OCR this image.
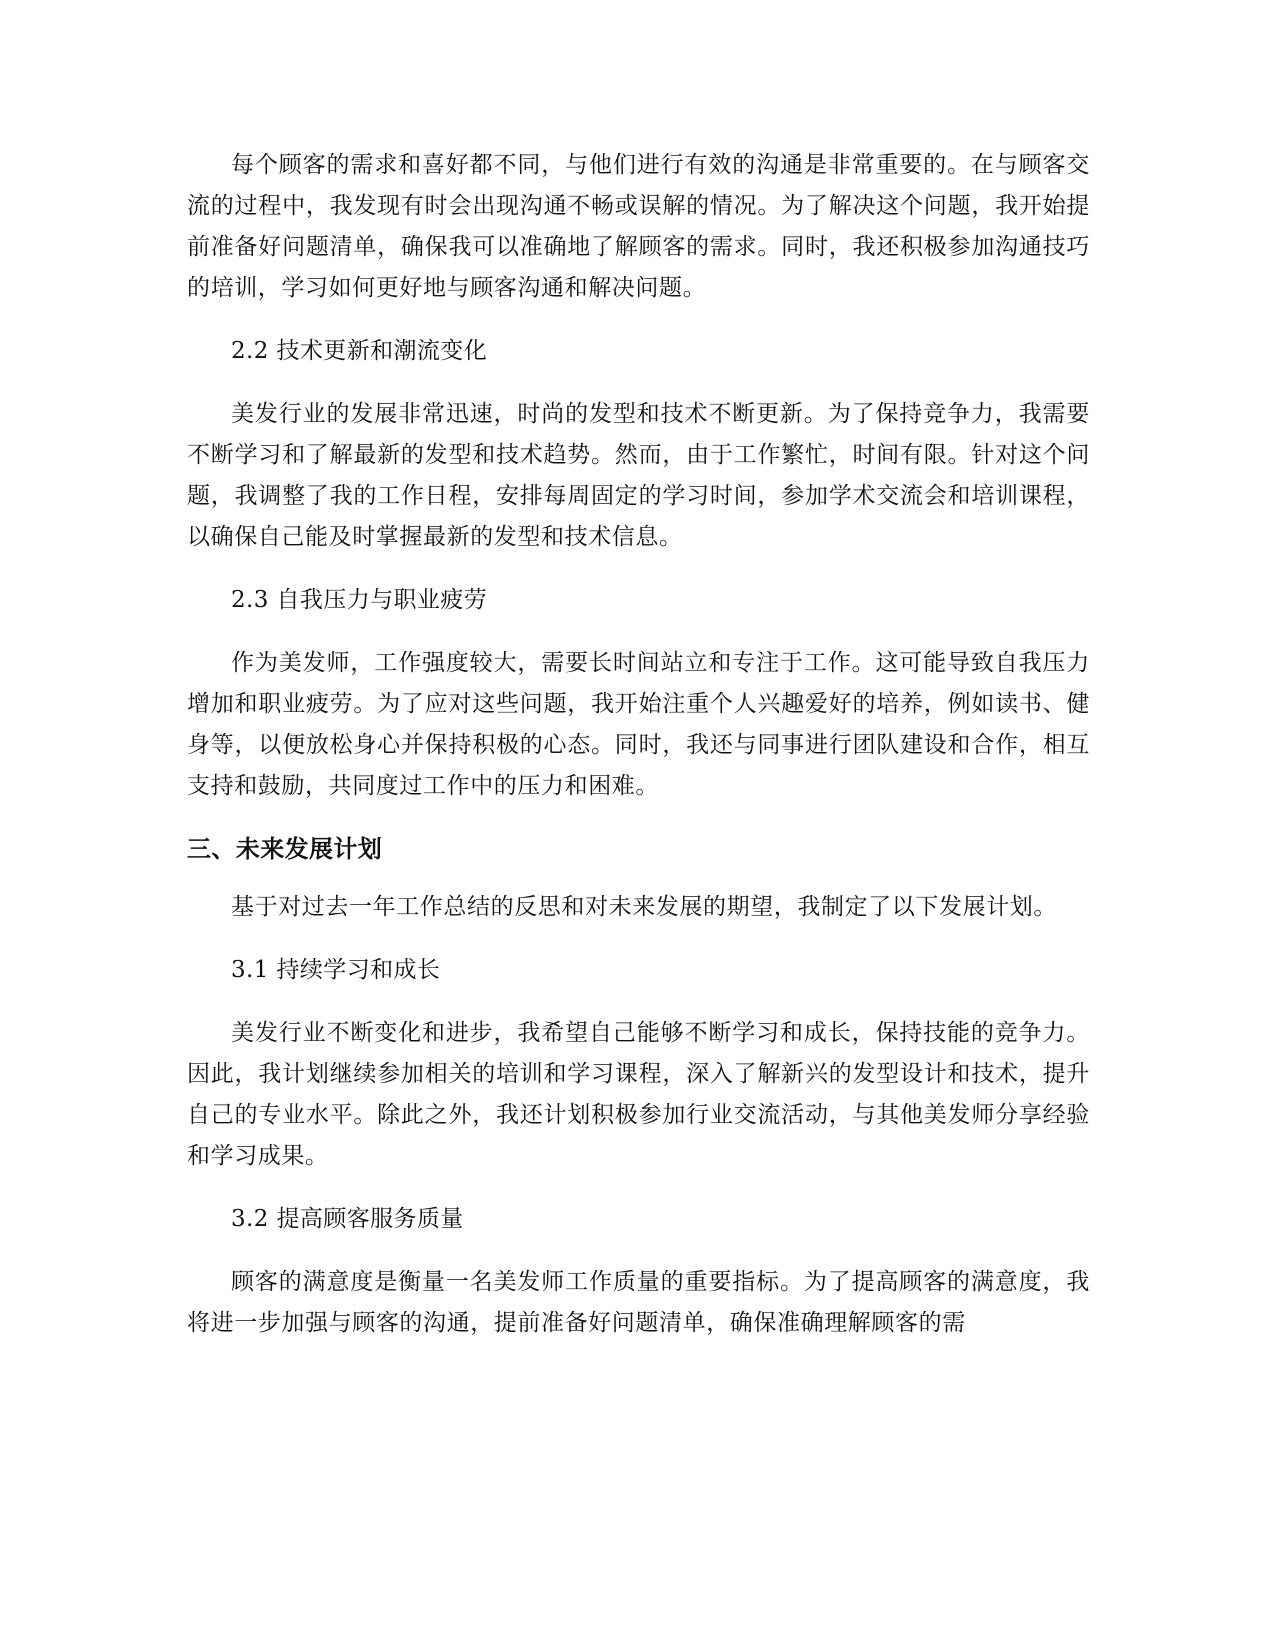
每个顾客的需求和喜好都不同，与他们进行有效的沟通是非常重要的。在与顾客交流的过程中，我发现有时会出现沟通不畅或误解的情况。为了解决这个问题，我开始提前准备好问题清单，确保我可以准确地了解顾客的需求。同时，我还积极参加沟通技巧的培训，学习如何更好地与顾客沟通和解决问题。

2.2 技术更新和潮流变化

美发行业的发展非常迅速，时尚的发型和技术不断更新。为了保持竞争力，我需要不断学习和了解最新的发型和技术趋势。然而，由于工作繁忙，时间有限。针对这个问题，我调整了我的工作日程，安排每周固定的学习时间，参加学术交流会和培训课程，以确保自己能及时掌握最新的发型和技术信息。

2.3 自我压力与职业疲劳

作为美发师，工作强度较大，需要长时间站立和专注于工作。这可能导致自我压力增加和职业疲劳。为了应对这些问题，我开始注重个人兴趣爱好的培养，例如读书、健身等，以便放松身心并保持积极的心态。同时，我还与同事进行团队建设和合作，相互支持和鼓励，共同度过工作中的压力和困难。

三、未来发展计划

基于对过去一年工作总结的反思和对未来发展的期望，我制定了以下发展计划。

3.1 持续学习和成长

美发行业不断变化和进步，我希望自己能够不断学习和成长，保持技能的竞争力。因此，我计划继续参加相关的培训和学习课程，深入了解新兴的发型设计和技术，提升自己的专业水平。除此之外，我还计划积极参加行业交流活动，与其他美发师分享经验和学习成果。

3.2 提高顾客服务质量

顾客的满意度是衡量一名美发师工作质量的重要指标。为了提高顾客的满意度，我将进一步加强与顾客的沟通，提前准备好问题清单，确保准确理解顾客的需
